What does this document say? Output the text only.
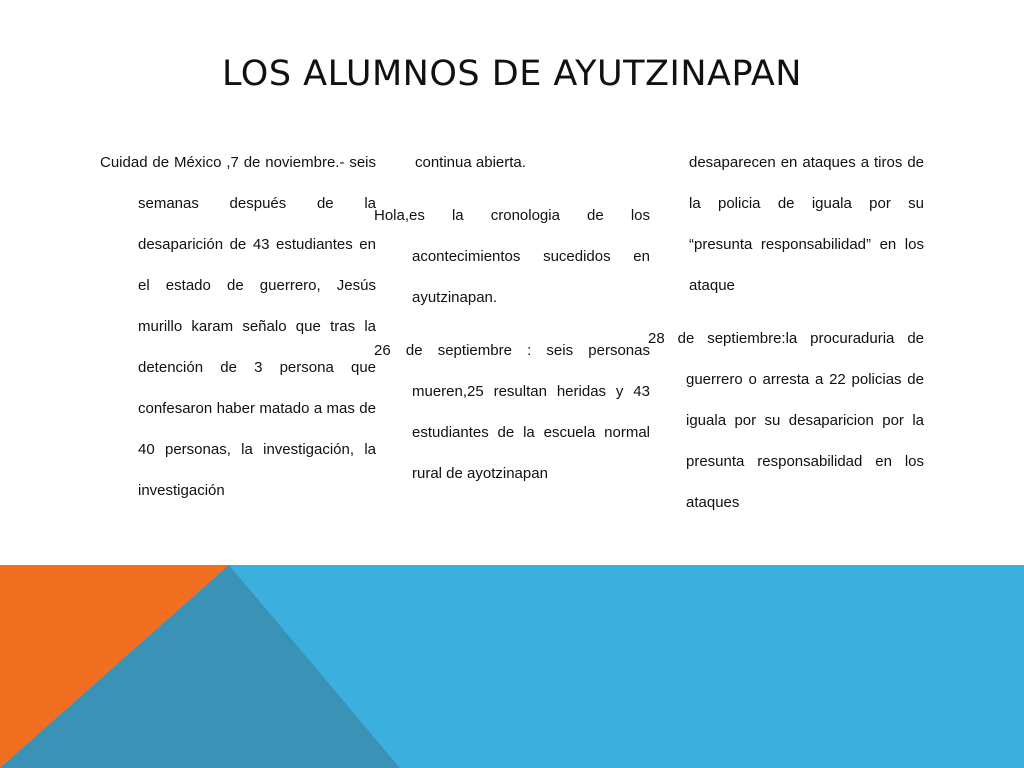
LOS ALUMNOS DE AYUTZINAPAN

Cuidad de México ,7 de noviembre.- seis semanas después de la desaparición de 43 estudiantes en el estado de guerrero, Jesús murillo karam señalo que tras la detención de 3 persona que confesaron haber matado a mas de 40 personas, la investigación, la investigación

continua abierta.

Hola,es la cronologia de los acontecimientos sucedidos en ayutzinapan.

26 de septiembre : seis personas mueren,25 resultan heridas y 43 estudiantes de la escuela normal rural de ayotzinapan

desaparecen en ataques a tiros de la policia de iguala por su “presunta responsabilidad” en los ataque

28 de septiembre:la procuraduria de guerrero o arresta a 22 policias de iguala por su desaparicion por la presunta responsabilidad en los ataques
